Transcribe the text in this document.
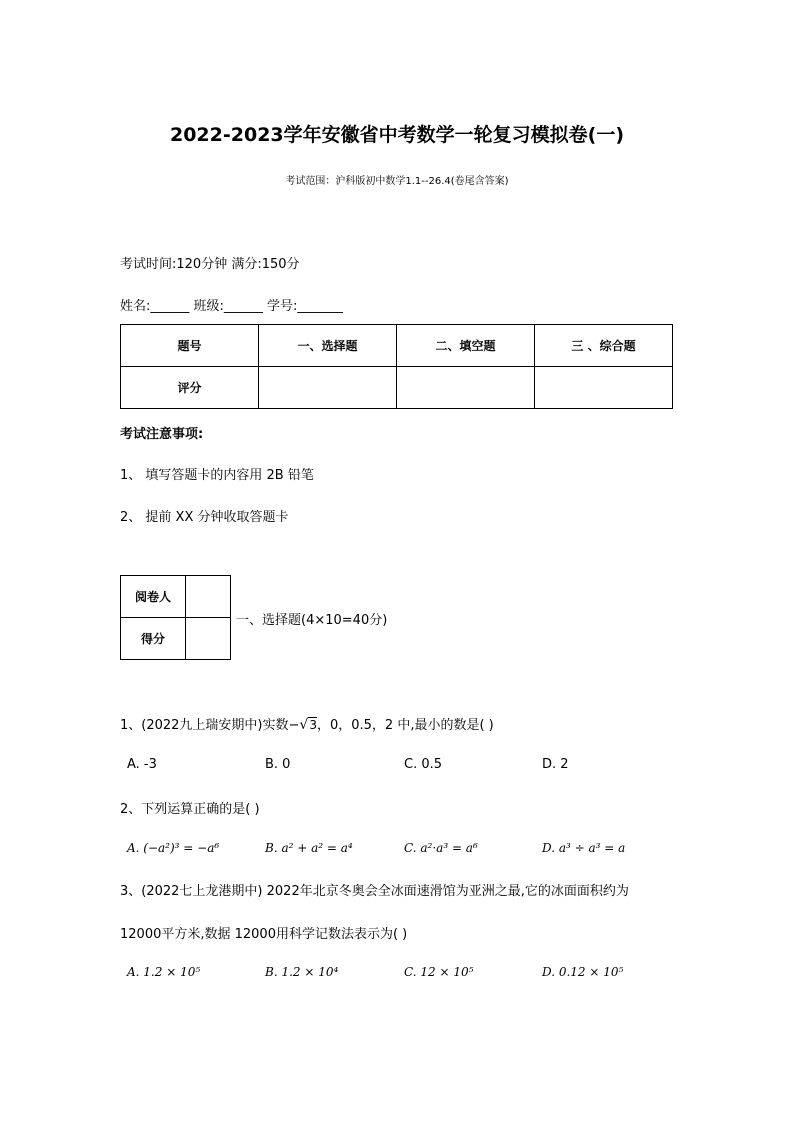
2022-2023学年安徽省中考数学一轮复习模拟卷(一)
考试范围：沪科版初中数学1.1--26.4(卷尾含答案)
考试时间:120分钟 满分:150分
姓名:______ 班级:______ 学号:_______
题号	一、选择题	二、填空题	三 、综合题
评分			
考试注意事项:
1、 填写答题卡的内容用 2B 铅笔
2、 提前 XX 分钟收取答题卡
阅卷人	
得分	
一、选择题(4×10=40分)
1、(2022九上瑞安期中)实数−√3，0，0.5，2 中,最小的数是( )
A. -3	B. 0	C. 0.5	D. 2
2、下列运算正确的是( )
A. (−a²)³ = −a⁶	B. a² + a² = a⁴	C. a²·a³ = a⁶	D. a³ ÷ a³ = a
3、(2022七上龙港期中) 2022年北京冬奥会全冰面速滑馆为亚洲之最,它的冰面面积约为
12000平方米,数据 12000用科学记数法表示为( )
A. 1.2 × 10⁵	B. 1.2 × 10⁴	C. 12 × 10⁵	D. 0.12 × 10⁵
